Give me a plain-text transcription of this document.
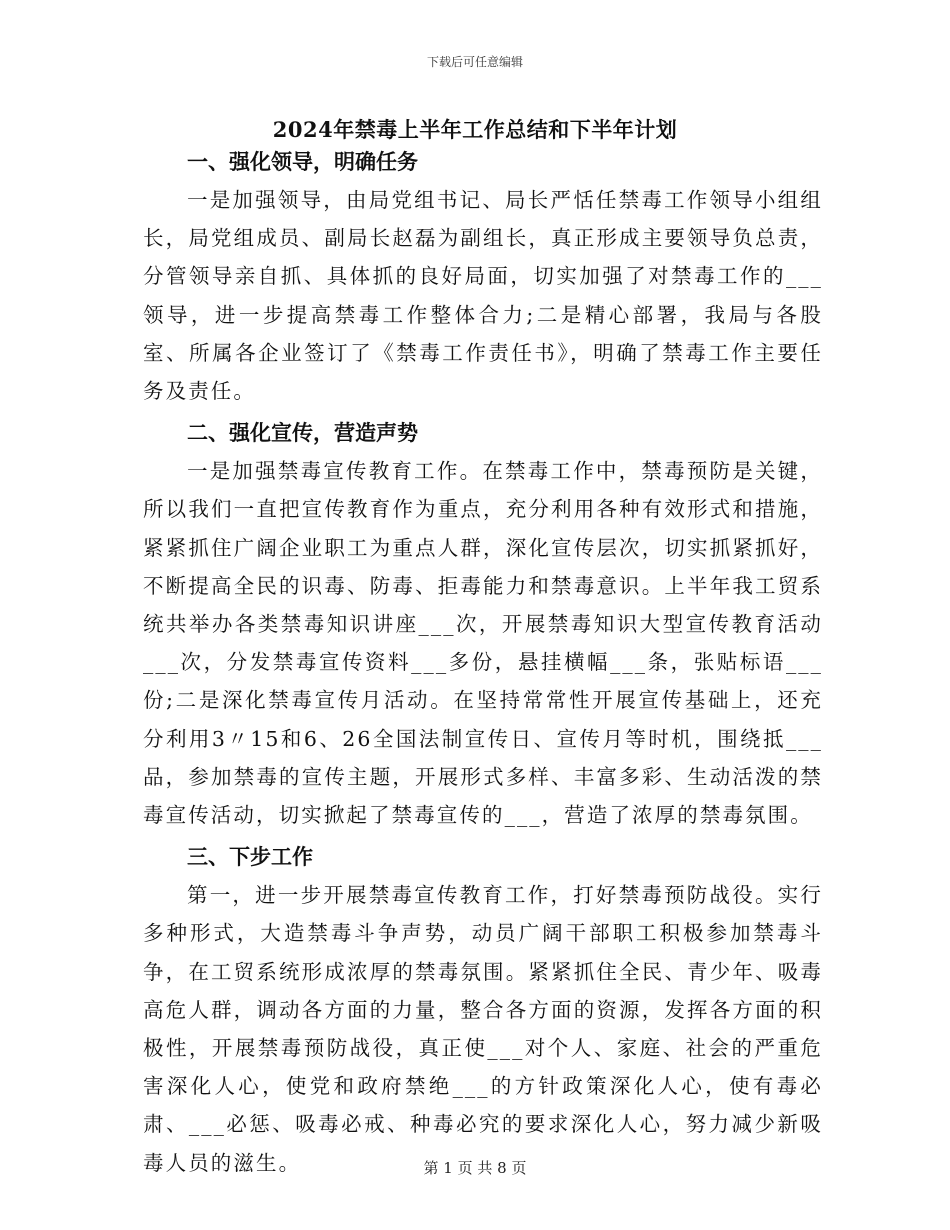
下载后可任意编辑
2024年禁毒上半年工作总结和下半年计划
一、强化领导，明确任务

一是加强领导，由局党组书记、局长严恬任禁毒工作领导小组组长，局党组成员、副局长赵磊为副组长，真正形成主要领导负总责，分管领导亲自抓、具体抓的良好局面，切实加强了对禁毒工作的___领导，进一步提高禁毒工作整体合力;二是精心部署，我局与各股室、所属各企业签订了《禁毒工作责任书》，明确了禁毒工作主要任务及责任。

二、强化宣传，营造声势

一是加强禁毒宣传教育工作。在禁毒工作中，禁毒预防是关键，所以我们一直把宣传教育作为重点，充分利用各种有效形式和措施，紧紧抓住广阔企业职工为重点人群，深化宣传层次，切实抓紧抓好，不断提高全民的识毒、防毒、拒毒能力和禁毒意识。上半年我工贸系统共举办各类禁毒知识讲座___次，开展禁毒知识大型宣传教育活动___次，分发禁毒宣传资料___多份，悬挂横幅___条，张贴标语___份;二是深化禁毒宣传月活动。在坚持常常性开展宣传基础上，还充分利用3〃15和6、26全国法制宣传日、宣传月等时机，围绕抵___品，参加禁毒的宣传主题，开展形式多样、丰富多彩、生动活泼的禁毒宣传活动，切实掀起了禁毒宣传的___，营造了浓厚的禁毒氛围。

三、下步工作

第一，进一步开展禁毒宣传教育工作，打好禁毒预防战役。实行多种形式，大造禁毒斗争声势，动员广阔干部职工积极参加禁毒斗争，在工贸系统形成浓厚的禁毒氛围。紧紧抓住全民、青少年、吸毒高危人群，调动各方面的力量，整合各方面的资源，发挥各方面的积极性，开展禁毒预防战役，真正使___对个人、家庭、社会的严重危害深化人心，使党和政府禁绝___的方针政策深化人心，使有毒必肃、___必惩、吸毒必戒、种毒必究的要求深化人心，努力减少新吸毒人员的滋生。	第 1 页 共 8 页
